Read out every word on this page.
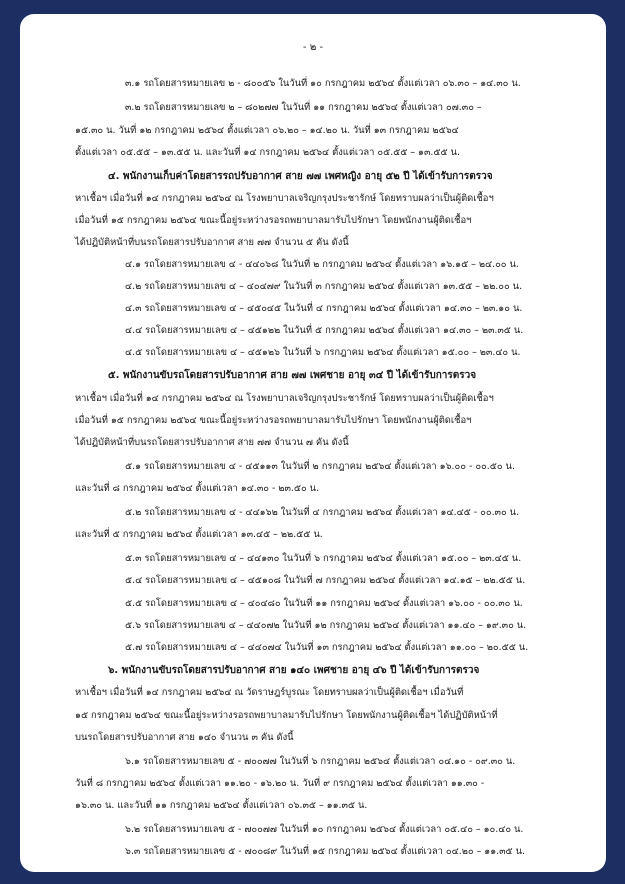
- ๒ -
๓.๑ รถโดยสารหมายเลข ๒ - ๘๐๐๕๖ ในวันที่ ๑๐ กรกฎาคม ๒๕๖๔ ตั้งแต่เวลา ๐๖.๓๐ – ๑๔.๓๐ น.
๓.๒ รถโดยสารหมายเลข ๒ – ๘๐๒๗๗ ในวันที่ ๑๑ กรกฎาคม ๒๕๖๔ ตั้งแต่เวลา ๐๗.๓๐ –
๑๕.๓๐ น. วันที่ ๑๒ กรกฎาคม ๒๕๖๔ ตั้งแต่เวลา ๐๖.๒๐ – ๑๔.๒๐ น. วันที่ ๑๓ กรกฎาคม ๒๕๖๔
ตั้งแต่เวลา ๐๕.๕๕ – ๑๓.๕๕ น. และวันที่ ๑๔ กรกฎาคม ๒๕๖๔ ตั้งแต่เวลา ๐๕.๕๕ – ๑๓.๕๕ น.
๔. พนักงานเก็บค่าโดยสารรถปรับอากาศ สาย ๗๗ เพศหญิง อายุ ๕๒ ปี ได้เข้ารับการตรวจ
หาเชื้อฯ เมื่อวันที่ ๑๔ กรกฎาคม ๒๕๖๔ ณ โรงพยาบาลเจริญกรุงประชารักษ์ โดยทราบผลว่าเป็นผู้ติดเชื้อฯ
เมื่อวันที่ ๑๕ กรกฎาคม ๒๕๖๔ ขณะนี้อยู่ระหว่างรอรถพยาบาลมารับไปรักษา โดยพนักงานผู้ติดเชื้อฯ
ได้ปฏิบัติหน้าที่บนรถโดยสารปรับอากาศ สาย ๗๗ จำนวน ๕ คัน ดังนี้
๔.๑ รถโดยสารหมายเลข ๔ - ๔๔๐๖๘ ในวันที่ ๒ กรกฎาคม ๒๕๖๔ ตั้งแต่เวลา ๑๖.๑๕ – ๒๔.๐๐ น.
๔.๒ รถโดยสารหมายเลข ๔ – ๔๐๔๗๙ ในวันที่ ๓ กรกฎาคม ๒๕๖๔ ตั้งแต่เวลา ๑๓.๕๕ – ๒๒.๐๐ น.
๔.๓ รถโดยสารหมายเลข ๔ – ๔๕๐๔๕ ในวันที่ ๔ กรกฎาคม ๒๕๖๔ ตั้งแต่เวลา ๑๔.๓๐ – ๒๓.๑๐ น.
๔.๔ รถโดยสารหมายเลข ๔ – ๔๕๑๒๒ ในวันที่ ๕ กรกฎาคม ๒๕๖๔ ตั้งแต่เวลา ๑๔.๓๐ – ๒๓.๓๕ น.
๔.๕ รถโดยสารหมายเลข ๔ – ๔๕๑๒๖ ในวันที่ ๖ กรกฎาคม ๒๕๖๔ ตั้งแต่เวลา ๑๕.๐๐ – ๒๓.๔๐ น.
๕. พนักงานขับรถโดยสารปรับอากาศ สาย ๗๗ เพศชาย อายุ ๓๔ ปี ได้เข้ารับการตรวจ
หาเชื้อฯ เมื่อวันที่ ๑๔ กรกฎาคม ๒๕๖๔ ณ โรงพยาบาลเจริญกรุงประชารักษ์ โดยทราบผลว่าเป็นผู้ติดเชื้อฯ
เมื่อวันที่ ๑๕ กรกฎาคม ๒๕๖๔ ขณะนี้อยู่ระหว่างรอรถพยาบาลมารับไปรักษา โดยพนักงานผู้ติดเชื้อฯ
ได้ปฏิบัติหน้าที่บนรถโดยสารปรับอากาศ สาย ๗๗ จำนวน ๗ คัน ดังนี้
๕.๑ รถโดยสารหมายเลข ๔ - ๔๕๑๑๓ ในวันที่ ๒ กรกฎาคม ๒๕๖๔ ตั้งแต่เวลา ๑๖.๐๐ - ๐๐.๕๐ น.
และวันที่ ๘ กรกฎาคม ๒๕๖๔ ตั้งแต่เวลา ๑๔.๓๐ - ๒๓.๕๐ น.
๕.๒ รถโดยสารหมายเลข ๔ - ๔๔๑๖๒ ในวันที่ ๔ กรกฎาคม ๒๕๖๔ ตั้งแต่เวลา ๑๔.๔๕ - ๐๐.๓๐ น.
และวันที่ ๕ กรกฎาคม ๒๕๖๔ ตั้งแต่เวลา ๑๓.๔๕ – ๒๒.๕๕ น.
๕.๓ รถโดยสารหมายเลข ๔ – ๔๔๑๓๐ ในวันที่ ๖ กรกฎาคม ๒๕๖๔ ตั้งแต่เวลา ๑๕.๐๐ – ๒๓.๔๕ น.
๕.๔ รถโดยสารหมายเลข ๔ – ๔๕๑๐๘ ในวันที่ ๗ กรกฎาคม ๒๕๖๔ ตั้งแต่เวลา ๑๔.๑๕ – ๒๒.๕๕ น.
๕.๕ รถโดยสารหมายเลข ๔ – ๔๐๔๘๐ ในวันที่ ๑๑ กรกฎาคม ๒๕๖๔ ตั้งแต่เวลา ๑๖.๐๐ - ๐๐.๓๐ น.
๕.๖ รถโดยสารหมายเลข ๔ – ๔๔๐๗๒ ในวันที่ ๑๒ กรกฎาคม ๒๕๖๔ ตั้งแต่เวลา ๑๑.๔๐ – ๑๙.๓๐ น.
๕.๗ รถโดยสารหมายเลข ๔ – ๔๔๐๗๔ ในวันที่ ๑๓ กรกฎาคม ๒๕๖๔ ตั้งแต่เวลา ๑๑.๐๐ – ๒๐.๕๕ น.
๖. พนักงานขับรถโดยสารปรับอากาศ สาย ๑๔๐ เพศชาย อายุ ๔๖ ปี ได้เข้ารับการตรวจ
หาเชื้อฯ เมื่อวันที่ ๑๔ กรกฎาคม ๒๕๖๔ ณ วัดราษฎร์บูรณะ โดยทราบผลว่าเป็นผู้ติดเชื้อฯ เมื่อวันที่
๑๕ กรกฎาคม ๒๕๖๔ ขณะนี้อยู่ระหว่างรอรถพยาบาลมารับไปรักษา โดยพนักงานผู้ติดเชื้อฯ ได้ปฏิบัติหน้าที่
บนรถโดยสารปรับอากาศ สาย ๑๔๐ จำนวน ๓ คัน ดังนี้
๖.๑ รถโดยสารหมายเลข ๕ - ๗๐๐๗๗ ในวันที่ ๖ กรกฎาคม ๒๕๖๔ ตั้งแต่เวลา ๐๔.๑๐ - ๐๙.๓๐ น.
วันที่ ๘ กรกฎาคม ๒๕๖๔ ตั้งแต่เวลา ๑๑.๒๐ - ๑๖.๒๐ น. วันที่ ๙ กรกฎาคม ๒๕๖๔ ตั้งแต่เวลา ๑๑.๓๐ -
๑๖.๓๐ น. และวันที่ ๑๑ กรกฎาคม ๒๕๖๔ ตั้งแต่เวลา ๐๖.๓๕ – ๑๑.๓๕ น.
๖.๒ รถโดยสารหมายเลข ๕ - ๗๐๐๗๗ ในวันที่ ๑๐ กรกฎาคม ๒๕๖๔ ตั้งแต่เวลา ๐๕.๔๐ – ๑๐.๔๐ น.
๖.๓ รถโดยสารหมายเลข ๕ - ๗๐๐๘๙ ในวันที่ ๑๕ กรกฎาคม ๒๕๖๔ ตั้งแต่เวลา ๐๔.๒๐ – ๑๑.๓๕ น.
